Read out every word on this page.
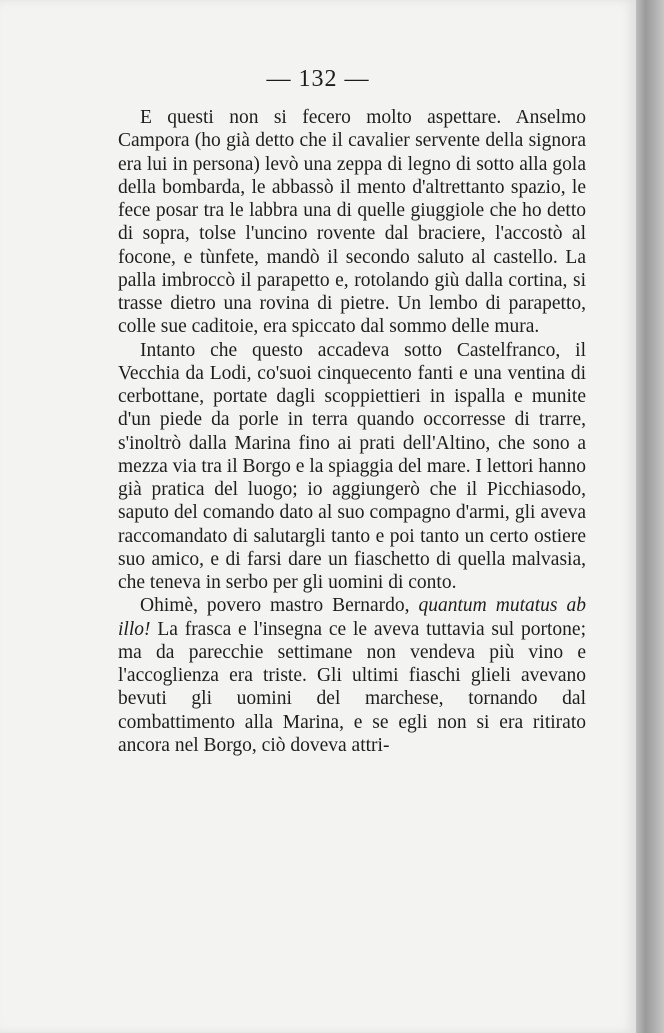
— 132 —

E questi non si fecero molto aspettare. Anselmo Campora (ho già detto che il cavalier servente della signora era lui in persona) levò una zeppa di legno di sotto alla gola della bombarda, le abbassò il mento d'altrettanto spazio, le fece posar tra le labbra una di quelle giuggiole che ho detto di sopra, tolse l'uncino rovente dal braciere, l'accostò al focone, e tùnfete, mandò il secondo saluto al castello. La palla imbroccò il parapetto e, rotolando giù dalla cortina, si trasse dietro una rovina di pietre. Un lembo di parapetto, colle sue caditoie, era spiccato dal sommo delle mura.

Intanto che questo accadeva sotto Castelfranco, il Vecchia da Lodi, co'suoi cinquecento fanti e una ventina di cerbottane, portate dagli scoppiettieri in ispalla e munite d'un piede da porle in terra quando occorresse di trarre, s'inoltrò dalla Marina fino ai prati dell'Altino, che sono a mezza via tra il Borgo e la spiaggia del mare. I lettori hanno già pratica del luogo; io aggiungerò che il Picchiasodo, saputo del comando dato al suo compagno d'armi, gli aveva raccomandato di salutargli tanto e poi tanto un certo ostiere suo amico, e di farsi dare un fiaschetto di quella malvasia, che teneva in serbo per gli uomini di conto.

Ohimè, povero mastro Bernardo, quantum mutatus ab illo! La frasca e l'insegna ce le aveva tuttavia sul portone; ma da parecchie settimane non vendeva più vino e l'accoglienza era triste. Gli ultimi fiaschi glieli avevano bevuti gli uomini del marchese, tornando dal combattimento alla Marina, e se egli non si era ritirato ancora nel Borgo, ciò doveva attri-
